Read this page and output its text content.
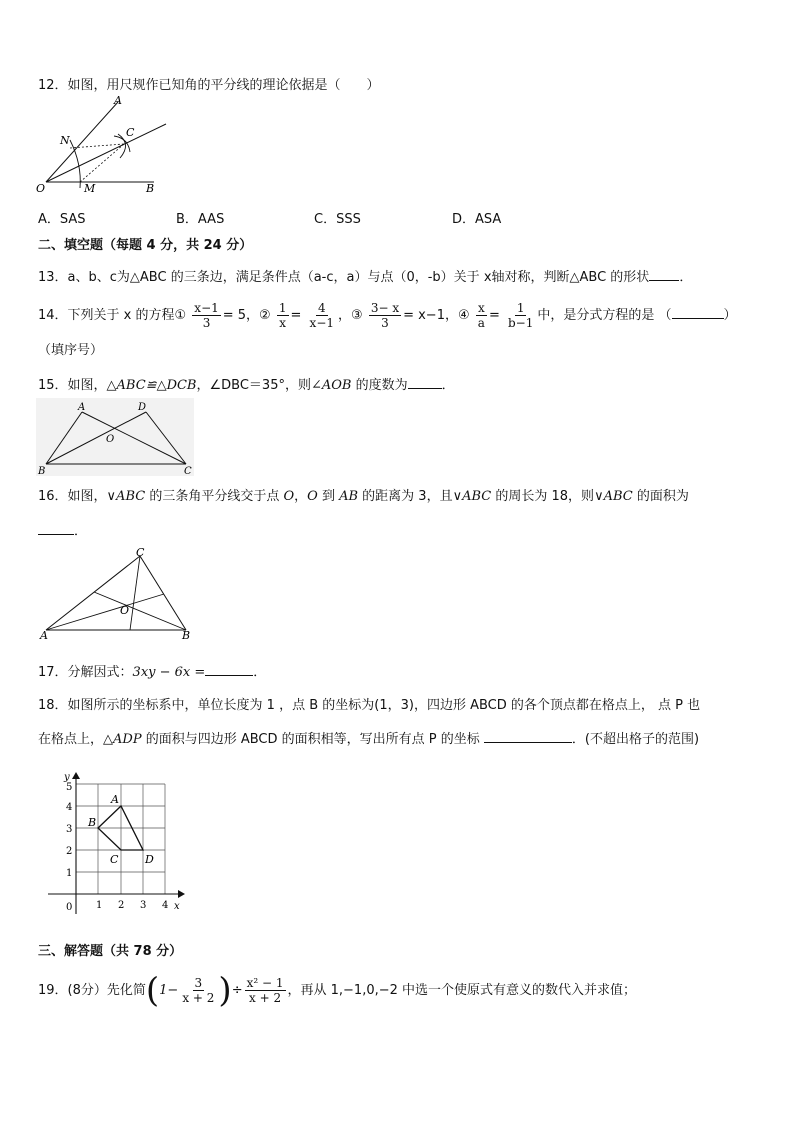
12．如图，用尺规作已知角的平分线的理论依据是（　　）
A
C
N
O	M	B
A．SAS	B．AAS	C．SSS	D．ASA
二、填空题（每题 4 分，共 24 分）
13．a、b、c为△ABC 的三条边，满足条件点（a-c，a）与点（0，-b）关于 x轴对称，判断△ABC 的形状 ．
14．下列关于 x 的方程① $\frac{x-1}{3} = 5$，② $\frac{1}{x} = \frac{4}{x-1}$ ，③ $\frac{3- x}{3} = x-1$，④ $\frac{x}{a} = \frac{1}{b-1}$ 中，是分式方程的是 （	）
（填序号）
15．如图，△ABC≌△DCB，∠DBC＝35°，则∠AOB 的度数为	．
A	D
O
B	C
16．如图，∨ABC 的三条角平分线交于点 O，O 到 AB 的距离为 3，且∨ABC 的周长为 18，则∨ABC 的面积为
．
C
O
A	B
17．分解因式：3xy − 6x =	．
18．如图所示的坐标系中，单位长度为 1 ，点 B 的坐标为(1，3)，四边形 ABCD 的各个顶点都在格点上， 点 P 也
在格点上，△ADP 的面积与四边形 ABCD 的面积相等，写出所有点 P 的坐标	．(不超出格子的范围)
y
x
5
4
3
2
1
0 1 2 3 4
A
B
C D
三、解答题（共 78 分）
19．(8分）先化简($1- \frac{3}{x + 2}$ )÷ $\frac{\text{x² − 1}}{x + 2}$ ，再从 1,−1,0,−2 中选一个使原式有意义的数代入并求值；
